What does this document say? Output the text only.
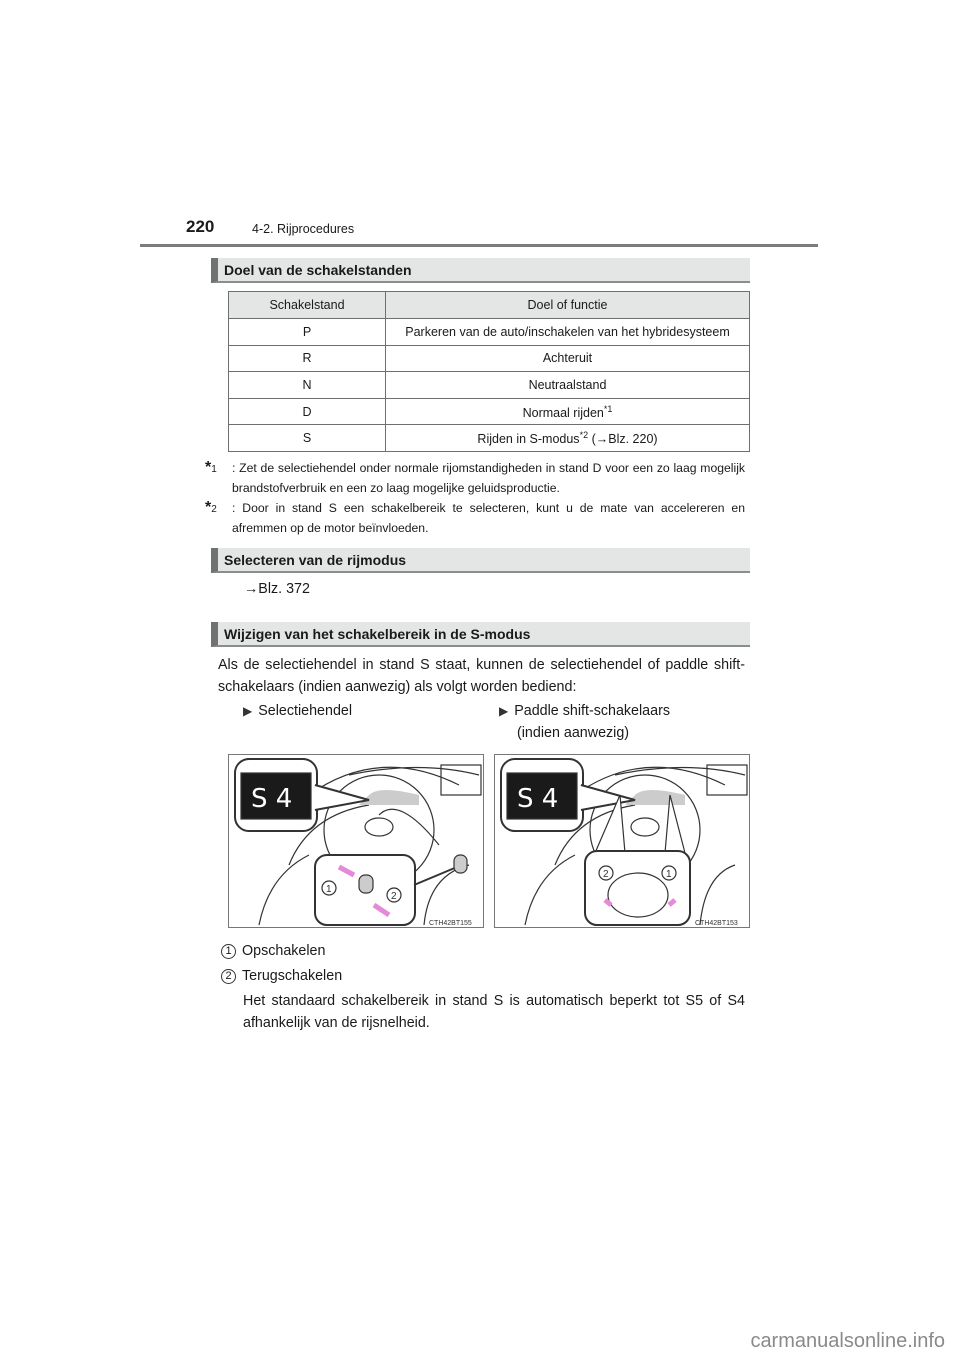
220	4-2. Rijprocedures
Doel van de schakelstanden
Schakelstand	Doel of functie
P	Parkeren van de auto/inschakelen van het hybridesysteem
R	Achteruit
N	Neutraalstand
D	Normaal rijden$^{*1}$
S	Rijden in S-modus$^{*2}$ (→Blz. 220)
*1	: Zet de selectiehendel onder normale rijomstandigheden in stand D voor een zo laag mogelijk brandstofverbruik en een zo laag mogelijke geluidsproductie.
*2	: Door in stand S een schakelbereik te selecteren, kunt u de mate van accelereren en afremmen op de motor beïnvloeden.
Selecteren van de rijmodus
→Blz. 372
Wijzigen van het schakelbereik in de S-modus
Als de selectiehendel in stand S staat, kunnen de selectiehendel of paddle shift-schakelaars (indien aanwezig) als volgt worden bediend:
▶ Selectiehendel	▶ Paddle shift-schakelaars
(indien aanwezig)
S 4
1
2
CTH42BT155
S 4
2	1
CTH42BT153
1 Opschakelen
2 Terugschakelen
Het standaard schakelbereik in stand S is automatisch beperkt tot S5 of S4 afhankelijk van de rijsnelheid.
carmanualsonline.info
